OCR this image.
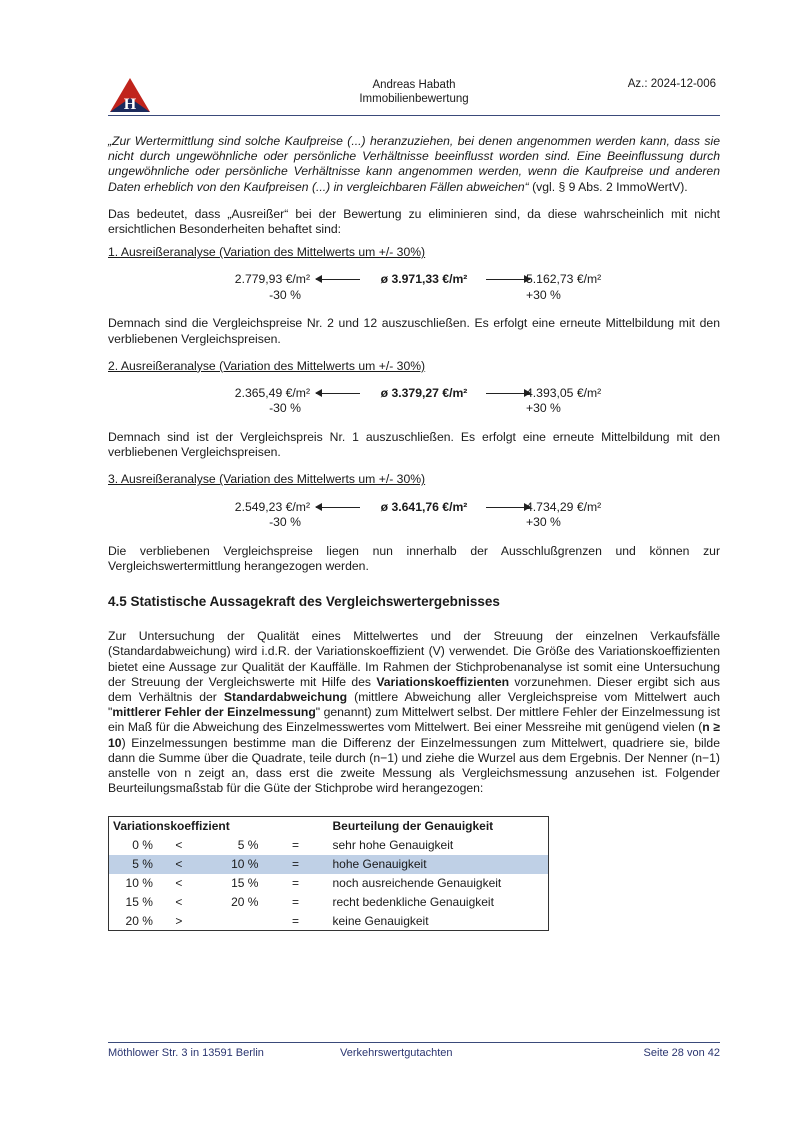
H
Andreas Habath
Immobilienbewertung
Az.: 2024-12-006

„Zur Wertermittlung sind solche Kaufpreise (...) heranzuziehen, bei denen angenommen werden kann, dass sie nicht durch ungewöhnliche oder persönliche Verhältnisse beeinflusst worden sind. Eine Beeinflussung durch ungewöhnliche oder persönliche Verhältnisse kann angenommen werden, wenn die Kaufpreise und anderen Daten erheblich von den Kaufpreisen (...) in vergleichbaren Fällen abweichen“ (vgl. § 9 Abs. 2 ImmoWertV).

Das bedeutet, dass „Ausreißer“ bei der Bewertung zu eliminieren sind, da diese wahrscheinlich mit nicht ersichtlichen Besonderheiten behaftet sind:

1. Ausreißeranalyse (Variation des Mittelwerts um +/- 30%)
2.779,93 €/m²
-30 %
ø 3.971,33 €/m²	5.162,73 €/m²
+30 %

Demnach sind die Vergleichspreise Nr. 2 und 12 auszuschließen. Es erfolgt eine erneute Mittelbildung mit den verbliebenen Vergleichspreisen.

2. Ausreißeranalyse (Variation des Mittelwerts um +/- 30%)
2.365,49 €/m²
-30 %
ø 3.379,27 €/m²	4.393,05 €/m²
+30 %

Demnach sind ist der Vergleichspreis Nr. 1 auszuschließen. Es erfolgt eine erneute Mittelbildung mit den verbliebenen Vergleichspreisen.

3. Ausreißeranalyse (Variation des Mittelwerts um +/- 30%)
2.549,23 €/m²
-30 %
ø 3.641,76 €/m²	4.734,29 €/m²
+30 %

Die verbliebenen Vergleichspreise liegen nun innerhalb der Ausschlußgrenzen und können zur Vergleichswertermittlung herangezogen werden.

4.5 Statistische Aussagekraft des Vergleichswertergebnisses

Zur Untersuchung der Qualität eines Mittelwertes und der Streuung der einzelnen Verkaufsfälle (Standardabweichung) wird i.d.R. der Variationskoeffizient (V) verwendet. Die Größe des Variationskoeffizienten bietet eine Aussage zur Qualität der Kauffälle. Im Rahmen der Stichprobenanalyse ist somit eine Untersuchung der Streuung der Vergleichswerte mit Hilfe des Variationskoeffizienten vorzunehmen. Dieser ergibt sich aus dem Verhältnis der Standardabweichung (mittlere Abweichung aller Vergleichspreise vom Mittelwert auch "mittlerer Fehler der Einzelmessung" genannt) zum Mittelwert selbst. Der mittlere Fehler der Einzelmessung ist ein Maß für die Abweichung des Einzelmesswertes vom Mittelwert. Bei einer Messreihe mit genügend vielen (n ≥ 10) Einzelmessungen bestimme man die Differenz der Einzelmessungen zum Mittelwert, quadriere sie, bilde dann die Summe über die Quadrate, teile durch (n−1) und ziehe die Wurzel aus dem Ergebnis. Der Nenner (n−1) anstelle von n zeigt an, dass erst die zweite Messung als Vergleichsmessung anzusehen ist. Folgender Beurteilungsmaßstab für die Güte der Stichprobe wird herangezogen:

Variationskoeffizient				Beurteilung der Genauigkeit
0 %	<	5 %	=	sehr hohe Genauigkeit
5 %	<	10 %	=	hohe Genauigkeit
10 %	<	15 %	=	noch ausreichende Genauigkeit
15 %	<	20 %	=	recht bedenkliche Genauigkeit
20 %	>		=	keine Genauigkeit
Möthlower Str. 3 in 13591 Berlin	Verkehrswertgutachten	Seite 28 von 42
